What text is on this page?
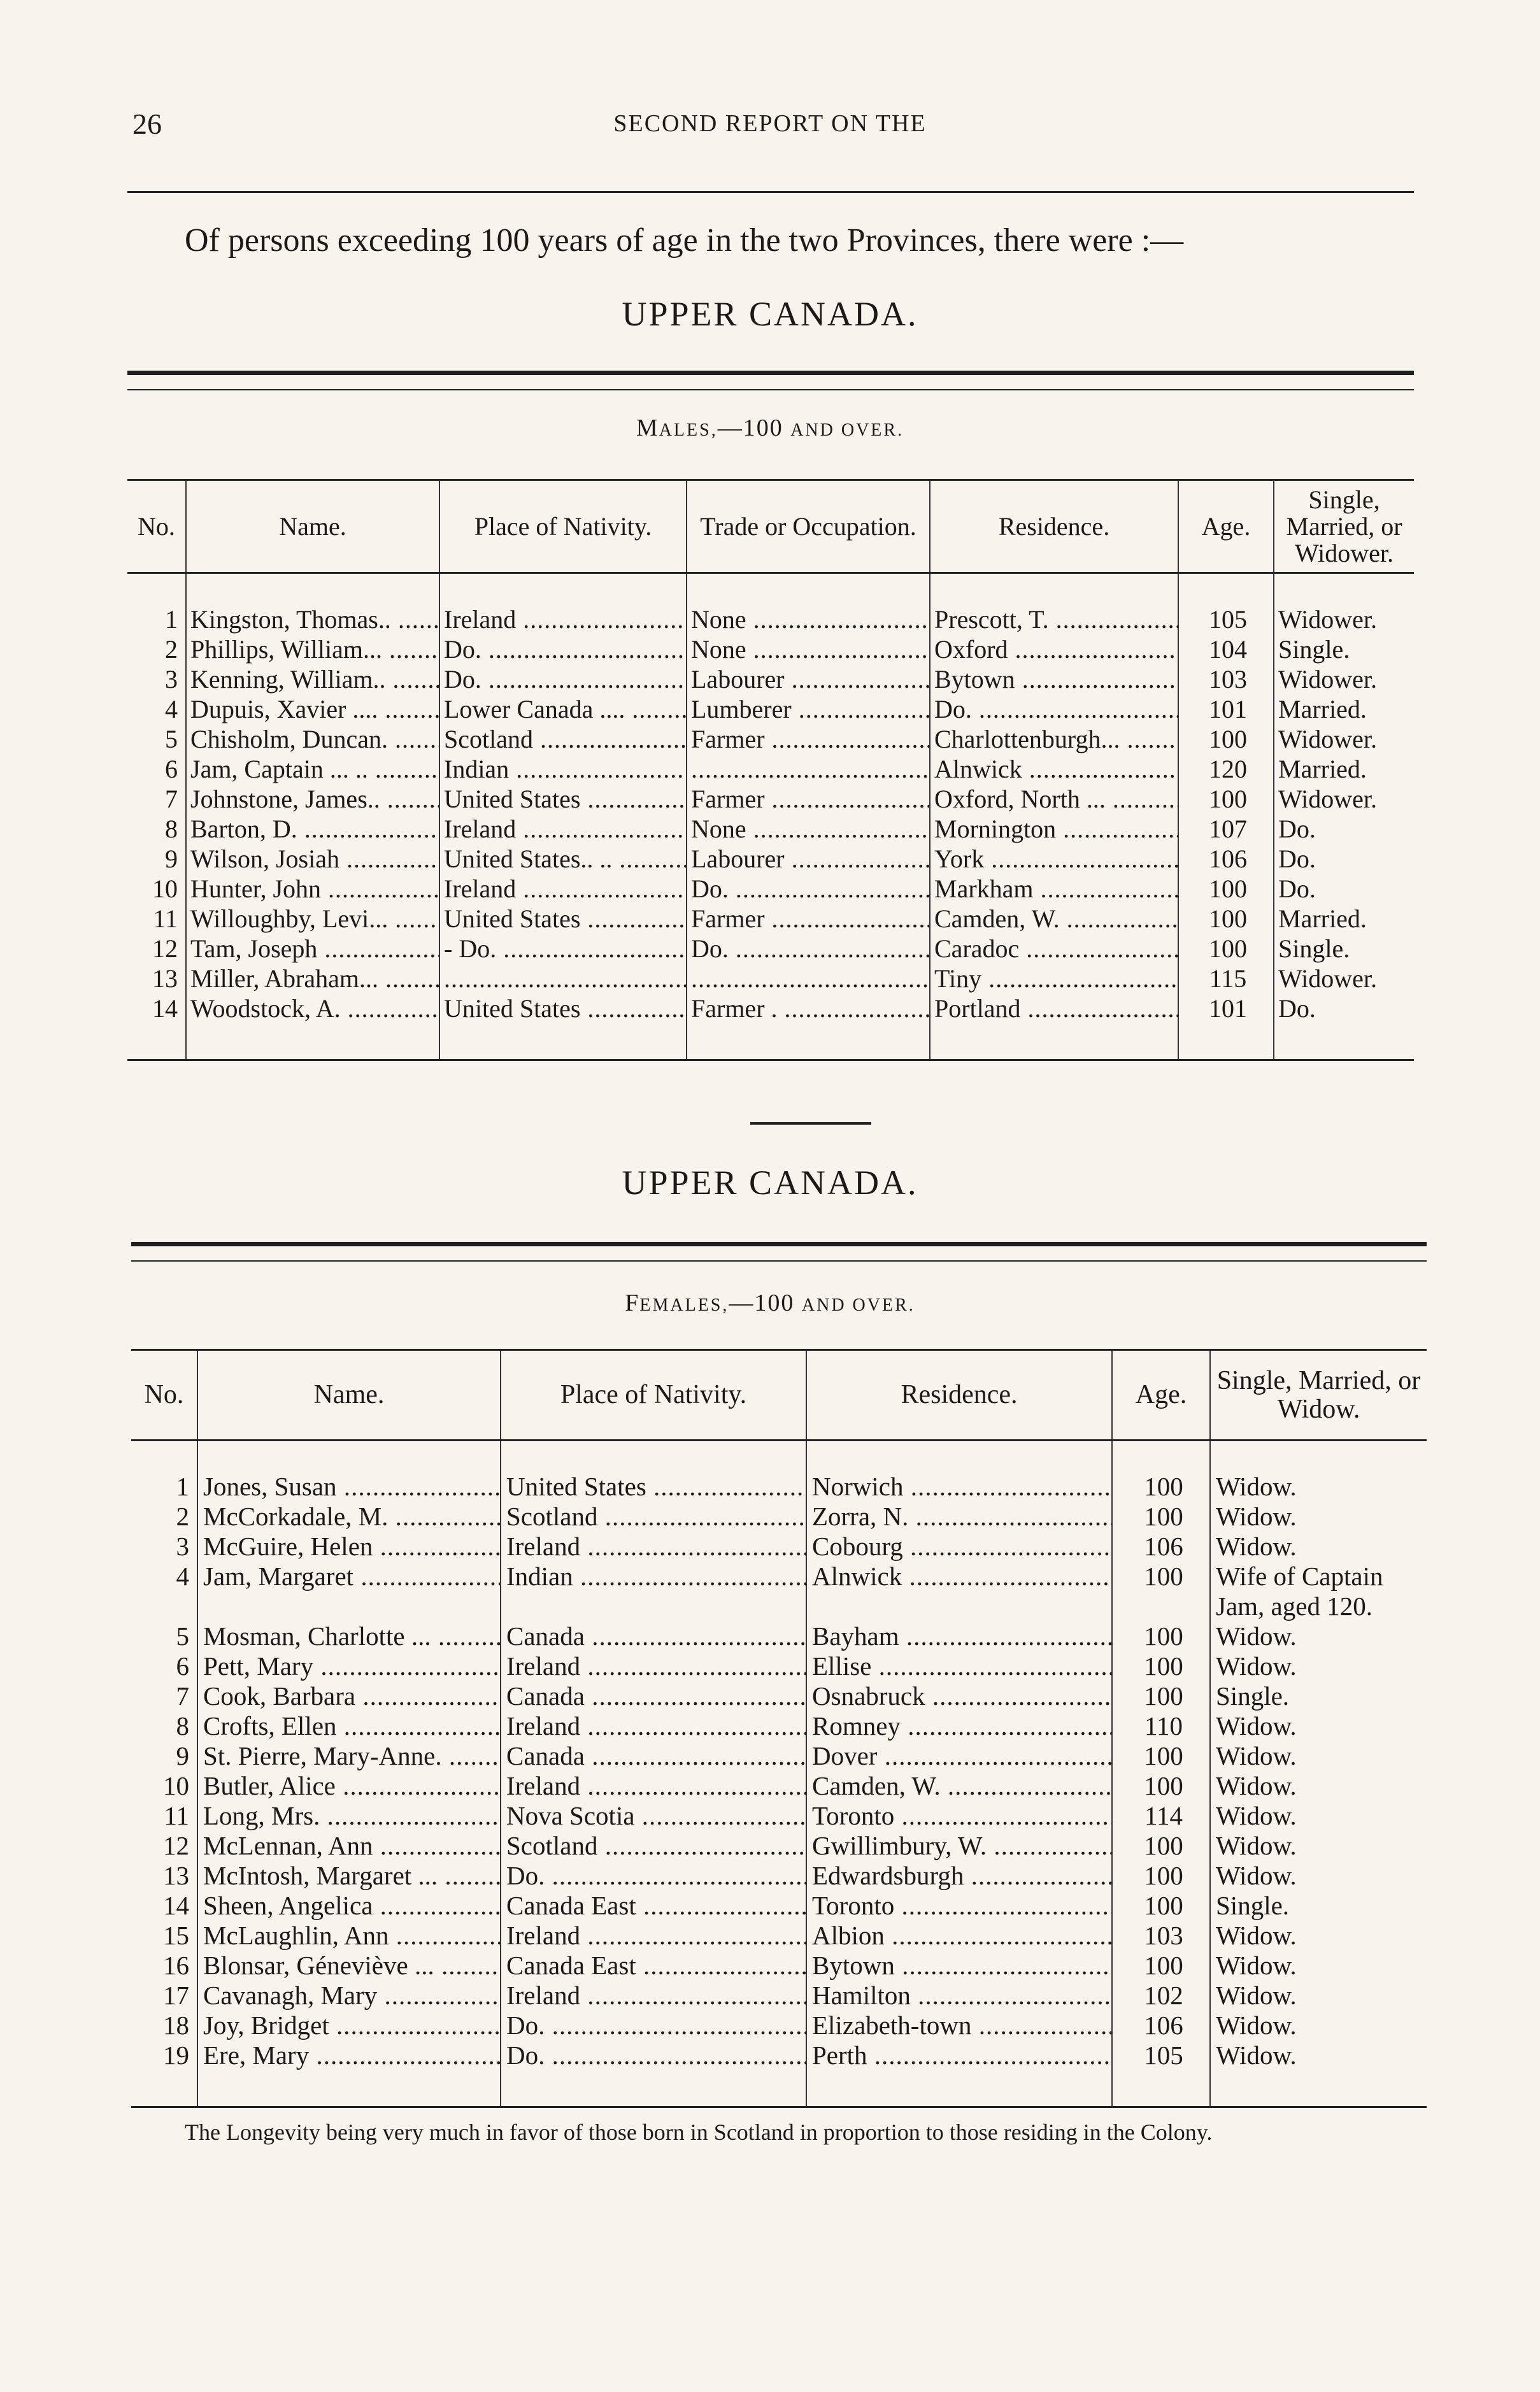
26	SECOND REPORT ON THE
Of persons exceeding 100 years of age in the two Provinces, there were :—
UPPER CANADA.
MALES,—100 AND OVER.
No.	Name.	Place of Nativity.	Trade or Occupation.	Residence.	Age.	Single, Married, or Widower.
1	Kingston, Thomas.. .....	Ireland .....	None .....	Prescott, T. .....	105	Widower.
2	Phillips, William... .....	Do. .....	None .....	Oxford .....	104	Single.
3	Kenning, William.. .....	Do. .....	Labourer .....	Bytown .....	103	Widower.
4	Dupuis, Xavier .... .....	Lower Canada .... .....	Lumberer .....	Do. .....	101	Married.
5	Chisholm, Duncan. .....	Scotland .....	Farmer .....	Charlottenburgh... .....	100	Widower.
6	Jam, Captain ... .. .....	Indian .....	.....	Alnwick .....	120	Married.
7	Johnstone, James.. .....	United States .....	Farmer .....	Oxford, North ... .....	100	Widower.
8	Barton, D. .....	Ireland .....	None .....	Mornington .....	107	Do.
9	Wilson, Josiah .....	United States.. .. .....	Labourer .....	York .....	106	Do.
10	Hunter, John .....	Ireland .....	Do. .....	Markham .....	100	Do.
11	Willoughby, Levi... .....	United States .....	Farmer .....	Camden, W. .....	100	Married.
12	Tam, Joseph .....	- Do. .....	Do. .....	Caradoc .....	100	Single.
13	Miller, Abraham... .....	.....	.....	Tiny .....	115	Widower.
14	Woodstock, A. .....	United States .....	Farmer . .....	Portland .....	101	Do.
UPPER CANADA.
FEMALES,—100 AND OVER.
No.	Name.	Place of Nativity.	Residence.	Age.	Single, Married, or Widow.
1	Jones, Susan .....	United States .....	Norwich .....	100	Widow.
2	McCorkadale, M. .....	Scotland .....	Zorra, N. .....	100	Widow.
3	McGuire, Helen .....	Ireland .....	Cobourg .....	106	Widow.
4	Jam, Margaret .....	Indian .....	Alnwick .....	100	Wife of Captain Jam, aged 120.
5	Mosman, Charlotte ... .....	Canada .....	Bayham .....	100	Widow.
6	Pett, Mary .....	Ireland .....	Ellise .....	100	Widow.
7	Cook, Barbara .....	Canada .....	Osnabruck .....	100	Single.
8	Crofts, Ellen .....	Ireland .....	Romney .....	110	Widow.
9	St. Pierre, Mary-Anne. .....	Canada .....	Dover .....	100	Widow.
10	Butler, Alice .....	Ireland .....	Camden, W. .....	100	Widow.
11	Long, Mrs. .....	Nova Scotia .....	Toronto .....	114	Widow.
12	McLennan, Ann .....	Scotland .....	Gwillimbury, W. .....	100	Widow.
13	McIntosh, Margaret ... .....	Do. .....	Edwardsburgh .....	100	Widow.
14	Sheen, Angelica .....	Canada East .....	Toronto .....	100	Single.
15	McLaughlin, Ann .....	Ireland .....	Albion .....	103	Widow.
16	Blonsar, Géneviève ... .....	Canada East .....	Bytown .....	100	Widow.
17	Cavanagh, Mary .....	Ireland .....	Hamilton .....	102	Widow.
18	Joy, Bridget .....	Do. .....	Elizabeth-town .....	106	Widow.
19	Ere, Mary .....	Do. .....	Perth .....	105	Widow.
The Longevity being very much in favor of those born in Scotland in proportion to those residing in the Colony.
